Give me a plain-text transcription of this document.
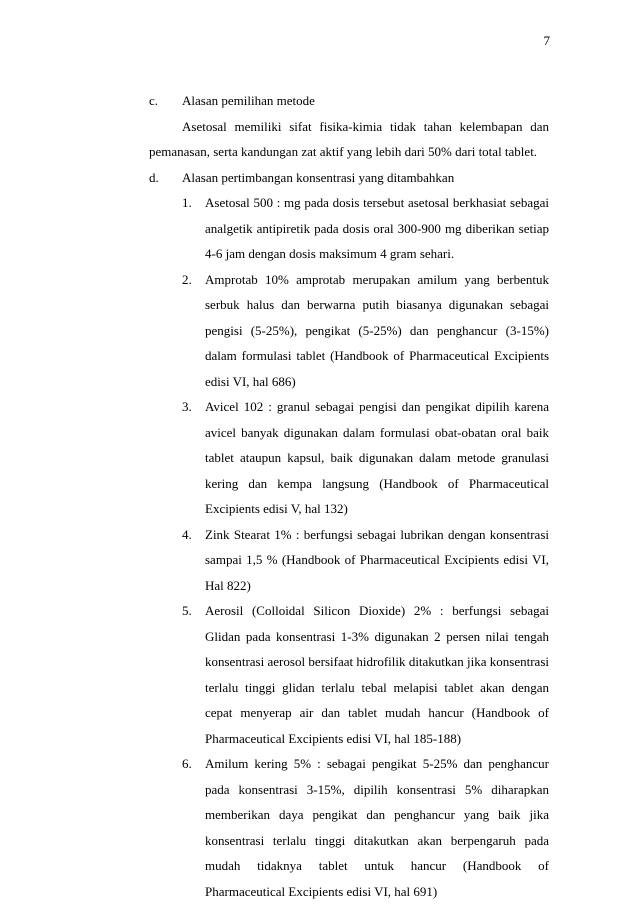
7
c.	Alasan pemilihan metode

Asetosal memiliki sifat fisika-kimia tidak tahan kelembapan dan pemanasan, serta kandungan zat aktif yang lebih dari 50% dari total tablet.

d.	Alasan pertimbangan konsentrasi yang ditambahkan
1.	Asetosal 500 : mg pada dosis tersebut asetosal berkhasiat sebagai analgetik antipiretik pada dosis oral 300-900 mg diberikan setiap 4-6 jam dengan dosis maksimum 4 gram sehari.
2.	Amprotab 10% amprotab merupakan amilum yang berbentuk serbuk halus dan berwarna putih biasanya digunakan sebagai pengisi (5-25%), pengikat (5-25%) dan penghancur (3-15%) dalam formulasi tablet (Handbook of Pharmaceutical Excipients edisi VI, hal 686)
3.	Avicel 102 : granul sebagai pengisi dan pengikat dipilih karena avicel banyak digunakan dalam formulasi obat-obatan oral baik tablet ataupun kapsul, baik digunakan dalam metode granulasi kering dan kempa langsung (Handbook of Pharmaceutical Excipients edisi V, hal 132)
4.	Zink Stearat 1% : berfungsi sebagai lubrikan dengan konsentrasi sampai 1,5 % (Handbook of Pharmaceutical Excipients edisi VI, Hal 822)
5.	Aerosil (Colloidal Silicon Dioxide) 2% : berfungsi sebagai Glidan pada konsentrasi 1-3% digunakan 2 persen nilai tengah konsentrasi aerosol bersifaat hidrofilik ditakutkan jika konsentrasi terlalu tinggi glidan terlalu tebal melapisi tablet akan dengan cepat menyerap air dan tablet mudah hancur (Handbook of Pharmaceutical Excipients edisi VI, hal 185-188)
6.	Amilum kering 5% : sebagai pengikat 5-25% dan penghancur pada konsentrasi 3-15%, dipilih konsentrasi 5% diharapkan memberikan daya pengikat dan penghancur yang baik jika konsentrasi terlalu tinggi ditakutkan akan berpengaruh pada mudah tidaknya tablet untuk hancur (Handbook of Pharmaceutical Excipients edisi VI, hal 691)
